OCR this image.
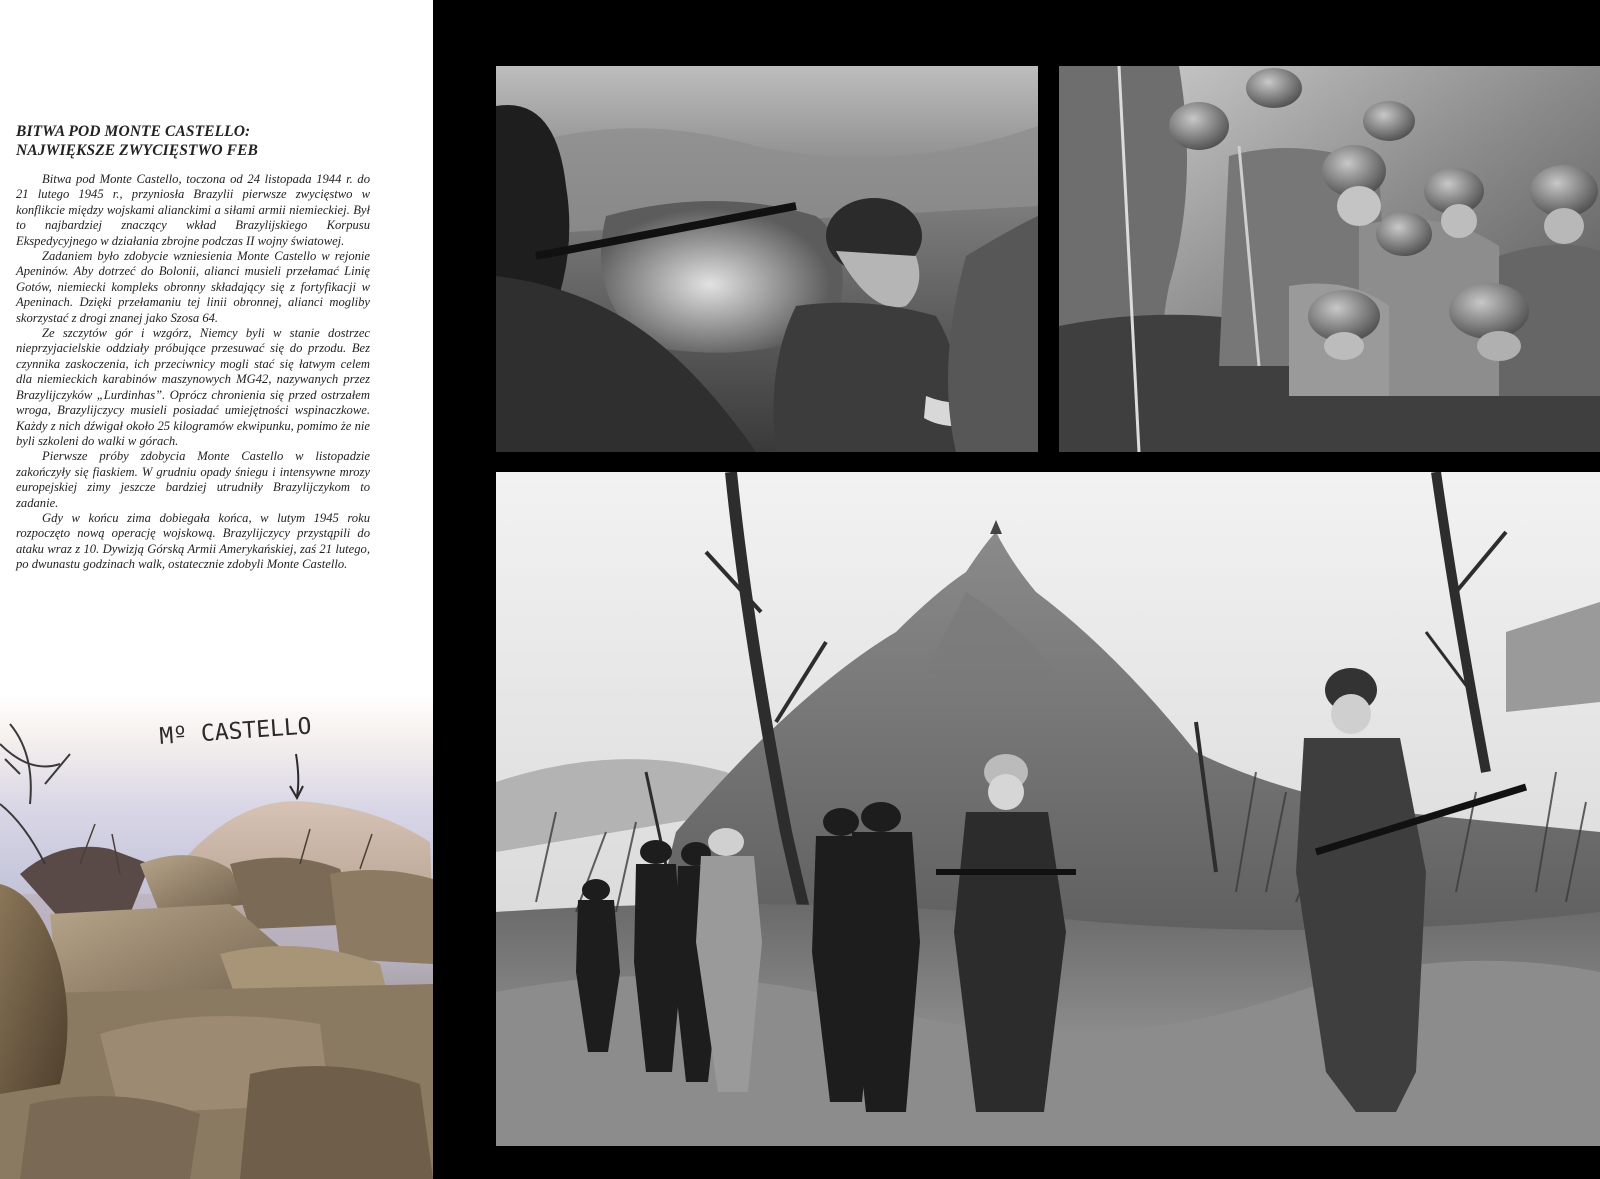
BITWA POD MONTE CASTELLO:
NAJWIĘKSZE ZWYCIĘSTWO FEB

Bitwa pod Monte Castello, toczona od 24 listopada 1944 r. do 21 lutego 1945 r., przyniosła Brazylii pierwsze zwycięstwo w konflikcie między wojskami alianckimi a siłami armii niemieckiej. Był to najbardziej znaczący wkład Brazylijskiego Korpusu Ekspedycyjnego w działania zbrojne podczas II wojny światowej.

Zadaniem było zdobycie wzniesienia Monte Castello w rejonie Apeninów. Aby dotrzeć do Bolonii, alianci musieli przełamać Linię Gotów, niemiecki kompleks obronny składający się z fortyfikacji w Apeninach. Dzięki przełamaniu tej linii obronnej, alianci mogliby skorzystać z drogi znanej jako Szosa 64.

Ze szczytów gór i wzgórz, Niemcy byli w stanie dostrzec nieprzyjacielskie oddziały próbujące przesuwać się do przodu. Bez czynnika zaskoczenia, ich przeciwnicy mogli stać się łatwym celem dla niemieckich karabinów maszynowych MG42, nazywanych przez Brazylijczyków „Lurdinhas”. Oprócz chronienia się przed ostrzałem wroga, Brazylijczycy musieli posiadać umiejętności wspinaczkowe. Każdy z nich dźwigał około 25 kilogramów ekwipunku, pomimo że nie byli szkoleni do walki w górach.

Pierwsze próby zdobycia Monte Castello w listopadzie zakończyły się fiaskiem. W grudniu opady śniegu i intensywne mrozy europejskiej zimy jeszcze bardziej utrudniły Brazylijczykom to zadanie.

Gdy w końcu zima dobiegała końca, w lutym 1945 roku rozpoczęto nową operację wojskową. Brazylijczycy przystąpili do ataku wraz z 10. Dywizją Górską Armii Amerykańskiej, zaś 21 lutego, po dwunastu godzinach walk, ostatecznie zdobyli Monte Castello.

Mº CASTELLO
